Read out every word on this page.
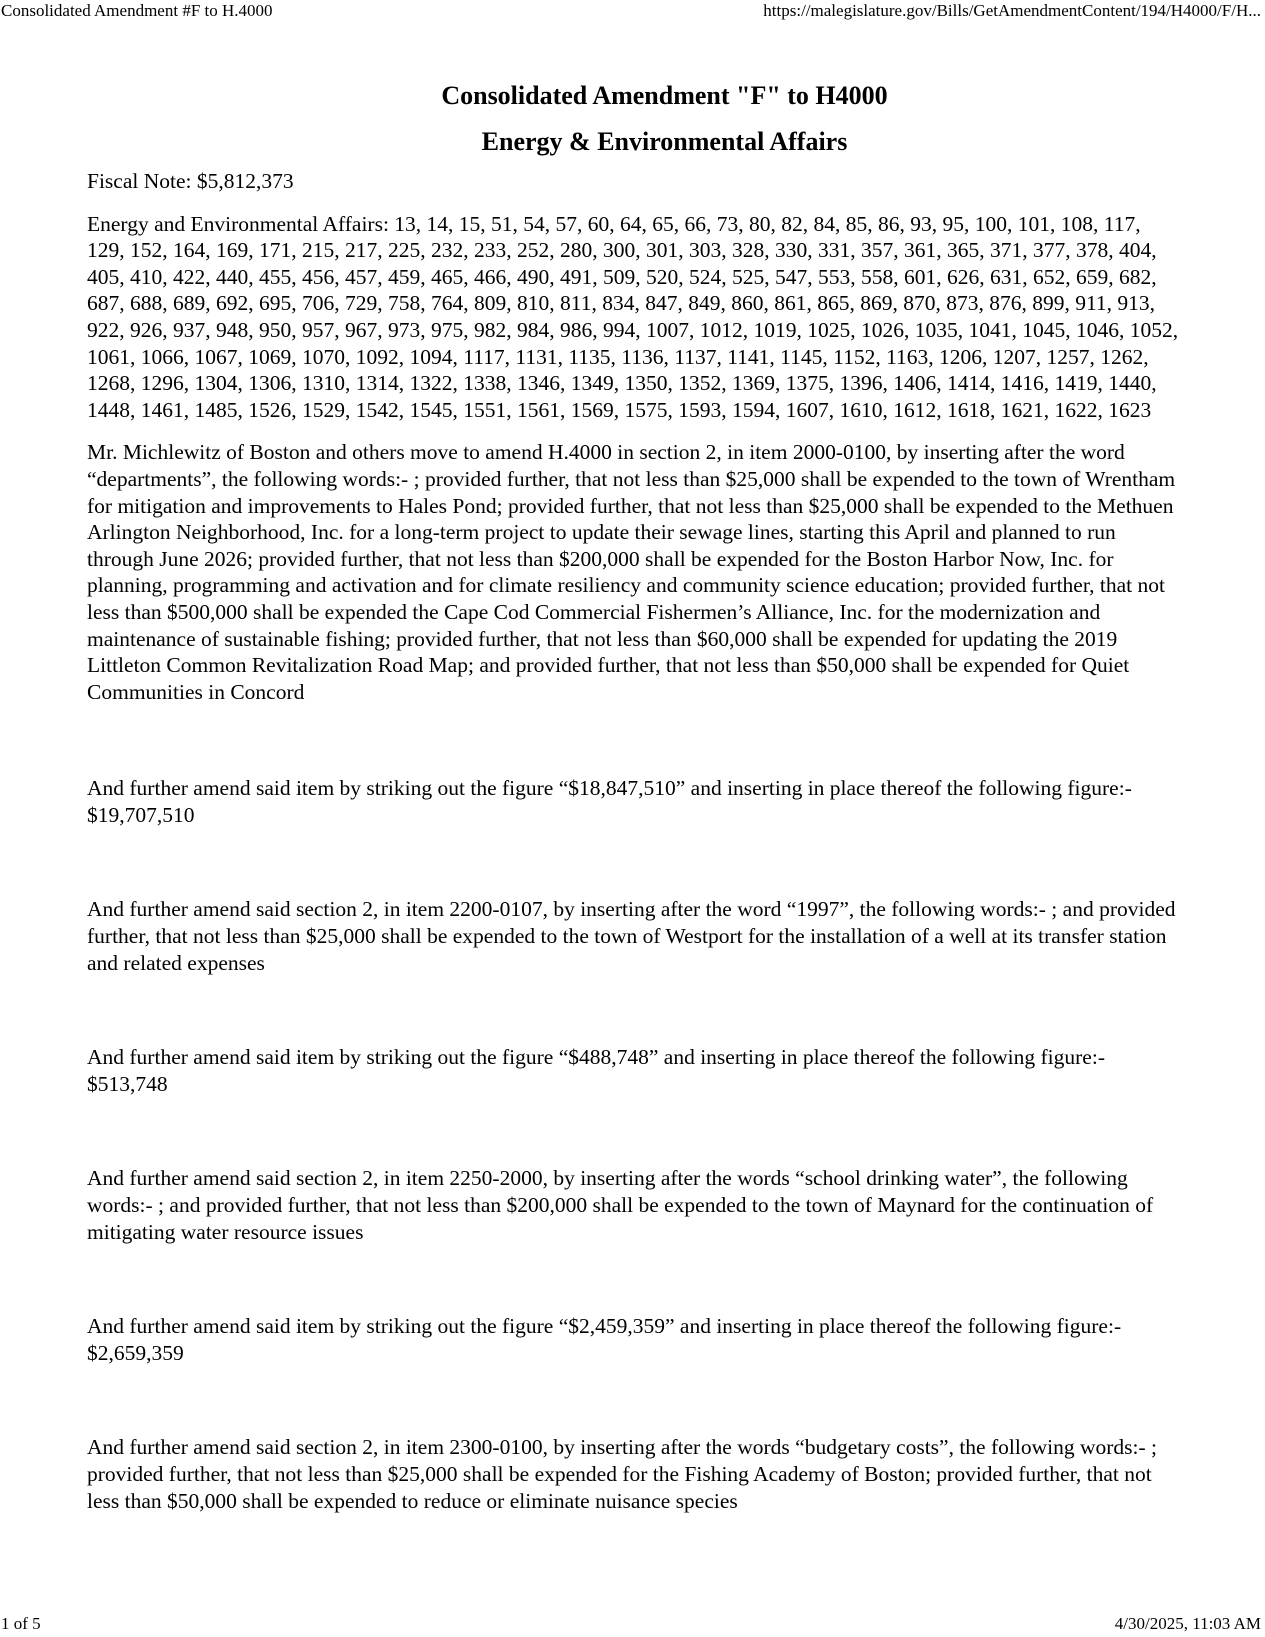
Consolidated Amendment #F to H.4000	https://malegislature.gov/Bills/GetAmendmentContent/194/H4000/F/H...
Consolidated Amendment "F" to H4000
Energy & Environmental Affairs

Fiscal Note: $5,812,373

Energy and Environmental Affairs: 13, 14, 15, 51, 54, 57, 60, 64, 65, 66, 73, 80, 82, 84, 85, 86, 93, 95, 100, 101, 108, 117, 129, 152, 164, 169, 171, 215, 217, 225, 232, 233, 252, 280, 300, 301, 303, 328, 330, 331, 357, 361, 365, 371, 377, 378, 404, 405, 410, 422, 440, 455, 456, 457, 459, 465, 466, 490, 491, 509, 520, 524, 525, 547, 553, 558, 601, 626, 631, 652, 659, 682, 687, 688, 689, 692, 695, 706, 729, 758, 764, 809, 810, 811, 834, 847, 849, 860, 861, 865, 869, 870, 873, 876, 899, 911, 913, 922, 926, 937, 948, 950, 957, 967, 973, 975, 982, 984, 986, 994, 1007, 1012, 1019, 1025, 1026, 1035, 1041, 1045, 1046, 1052, 1061, 1066, 1067, 1069, 1070, 1092, 1094, 1117, 1131, 1135, 1136, 1137, 1141, 1145, 1152, 1163, 1206, 1207, 1257, 1262, 1268, 1296, 1304, 1306, 1310, 1314, 1322, 1338, 1346, 1349, 1350, 1352, 1369, 1375, 1396, 1406, 1414, 1416, 1419, 1440, 1448, 1461, 1485, 1526, 1529, 1542, 1545, 1551, 1561, 1569, 1575, 1593, 1594, 1607, 1610, 1612, 1618, 1621, 1622, 1623

Mr. Michlewitz of Boston and others move to amend H.4000 in section 2, in item 2000-0100, by inserting after the word “departments”, the following words:- ; provided further, that not less than $25,000 shall be expended to the town of Wrentham for mitigation and improvements to Hales Pond; provided further, that not less than $25,000 shall be expended to the Methuen Arlington Neighborhood, Inc. for a long-term project to update their sewage lines, starting this April and planned to run through June 2026; provided further, that not less than $200,000 shall be expended for the Boston Harbor Now, Inc. for planning, programming and activation and for climate resiliency and community science education; provided further, that not less than $500,000 shall be expended the Cape Cod Commercial Fishermen’s Alliance, Inc. for the modernization and maintenance of sustainable fishing; provided further, that not less than $60,000 shall be expended for updating the 2019 Littleton Common Revitalization Road Map; and provided further, that not less than $50,000 shall be expended for Quiet Communities in Concord

And further amend said item by striking out the figure “$18,847,510” and inserting in place thereof the following figure:- $19,707,510

And further amend said section 2, in item 2200-0107, by inserting after the word “1997”, the following words:- ; and provided further, that not less than $25,000 shall be expended to the town of Westport for the installation of a well at its transfer station and related expenses

And further amend said item by striking out the figure “$488,748” and inserting in place thereof the following figure:- $513,748

And further amend said section 2, in item 2250-2000, by inserting after the words “school drinking water”, the following words:- ; and provided further, that not less than $200,000 shall be expended to the town of Maynard for the continuation of mitigating water resource issues

And further amend said item by striking out the figure “$2,459,359” and inserting in place thereof the following figure:- $2,659,359

And further amend said section 2, in item 2300-0100, by inserting after the words “budgetary costs”, the following words:- ; provided further, that not less than $25,000 shall be expended for the Fishing Academy of Boston; provided further, that not less than $50,000 shall be expended to reduce or eliminate nuisance species

1 of 5	4/30/2025, 11:03 AM
